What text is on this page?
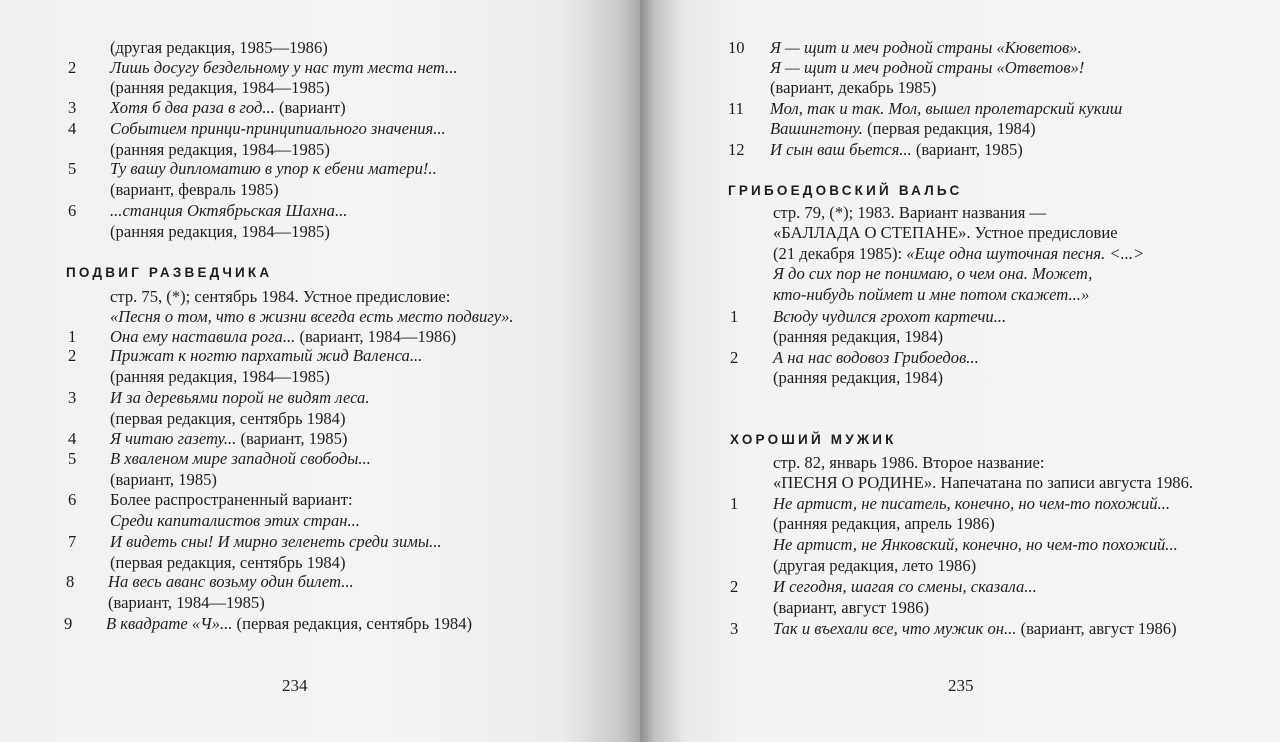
(другая редакция, 1985—1986)
2 Лишь досугу бездельному у нас тут места нет...
(ранняя редакция, 1984—1985)
3 Хотя б два раза в год... (вариант)
4 Событием принци-принципиального значения...
(ранняя редакция, 1984—1985)
5 Ту вашу дипломатию в упор к ебени матери!..
(вариант, февраль 1985)
6 ...станция Октябрьская Шахна...
(ранняя редакция, 1984—1985)
ПОДВИГ РАЗВЕДЧИКА
стр. 75, (*); сентябрь 1984. Устное предисловие:
«Песня о том, что в жизни всегда есть место подвигу».
1 Она ему наставила рога... (вариант, 1984—1986)
2 Прижат к ногтю пархатый жид Валенса...
(ранняя редакция, 1984—1985)
3 И за деревьями порой не видят леса.
(первая редакция, сентябрь 1984)
4 Я читаю газету... (вариант, 1985)
5 В хваленом мире западной свободы...
(вариант, 1985)
6 Более распространенный вариант:
Среди капиталистов этих стран...
7 И видеть сны! И мирно зеленеть среди зимы...
(первая редакция, сентябрь 1984)
8 На весь аванс возьму один билет...
(вариант, 1984—1985)
9 В квадрате «Ч»... (первая редакция, сентябрь 1984)
234
10 Я — щит и меч родной страны «Кюветов».
Я — щит и меч родной страны «Ответов»!
(вариант, декабрь 1985)
11 Мол, так и так. Мол, вышел пролетарский кукиш
Вашингтону. (первая редакция, 1984)
12 И сын ваш бьется... (вариант, 1985)
ГРИБОЕДОВСКИЙ ВАЛЬС
стр. 79, (*); 1983. Вариант названия —
«БАЛЛАДА О СТЕПАНЕ». Устное предисловие
(21 декабря 1985): «Еще одна шуточная песня. <...>
Я до сих пор не понимаю, о чем она. Может,
кто-нибудь поймет и мне потом скажет...»
1 Всюду чудился грохот картечи...
(ранняя редакция, 1984)
2 А на нас водовоз Грибоедов...
(ранняя редакция, 1984)
ХОРОШИЙ МУЖИК
стр. 82, январь 1986. Второе название:
«ПЕСНЯ О РОДИНЕ». Напечатана по записи августа 1986.
1 Не артист, не писатель, конечно, но чем-то похожий...
(ранняя редакция, апрель 1986)
Не артист, не Янковский, конечно, но чем-то похожий...
(другая редакция, лето 1986)
2 И сегодня, шагая со смены, сказала...
(вариант, август 1986)
3 Так и въехали все, что мужик он... (вариант, август 1986)
235
